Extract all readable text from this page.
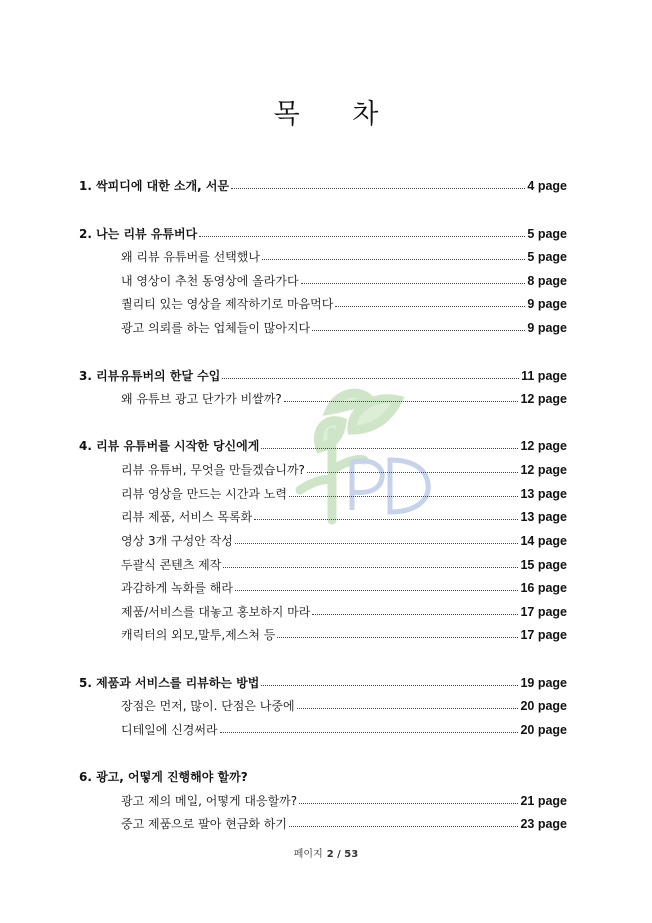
목 차
1. 싹피디에 대한 소개, 서문	4 page
2. 나는 리뷰 유튜버다	5 page
왜 리뷰 유튜버를 선택했나	5 page
내 영상이 추천 동영상에 올라가다	8 page
퀄리티 있는 영상을 제작하기로 마음먹다	9 page
광고 의뢰를 하는 업체들이 많아지다	9 page
3. 리뷰유튜버의 한달 수입	11 page
왜 유튜브 광고 단가가 비쌀까?	12 page
4. 리뷰 유튜버를 시작한 당신에게	12 page
리뷰 유튜버, 무엇을 만들겠습니까?	12 page
리뷰 영상을 만드는 시간과 노력	13 page
리뷰 제품, 서비스 목록화	13 page
영상 3개 구성안 작성	14 page
두괄식 콘텐츠 제작	15 page
과감하게 녹화를 해라	16 page
제품/서비스를 대놓고 홍보하지 마라	17 page
캐릭터의 외모,말투,제스쳐 등	17 page
5. 제품과 서비스를 리뷰하는 방법	19 page
장점은 먼저, 많이. 단점은 나중에	20 page
디테일에 신경써라	20 page
6. 광고, 어떻게 진행해야 할까?
광고 제의 메일, 어떻게 대응할까?	21 page
중고 제품으로 팔아 현금화 하기	23 page
페이지 2 / 53
